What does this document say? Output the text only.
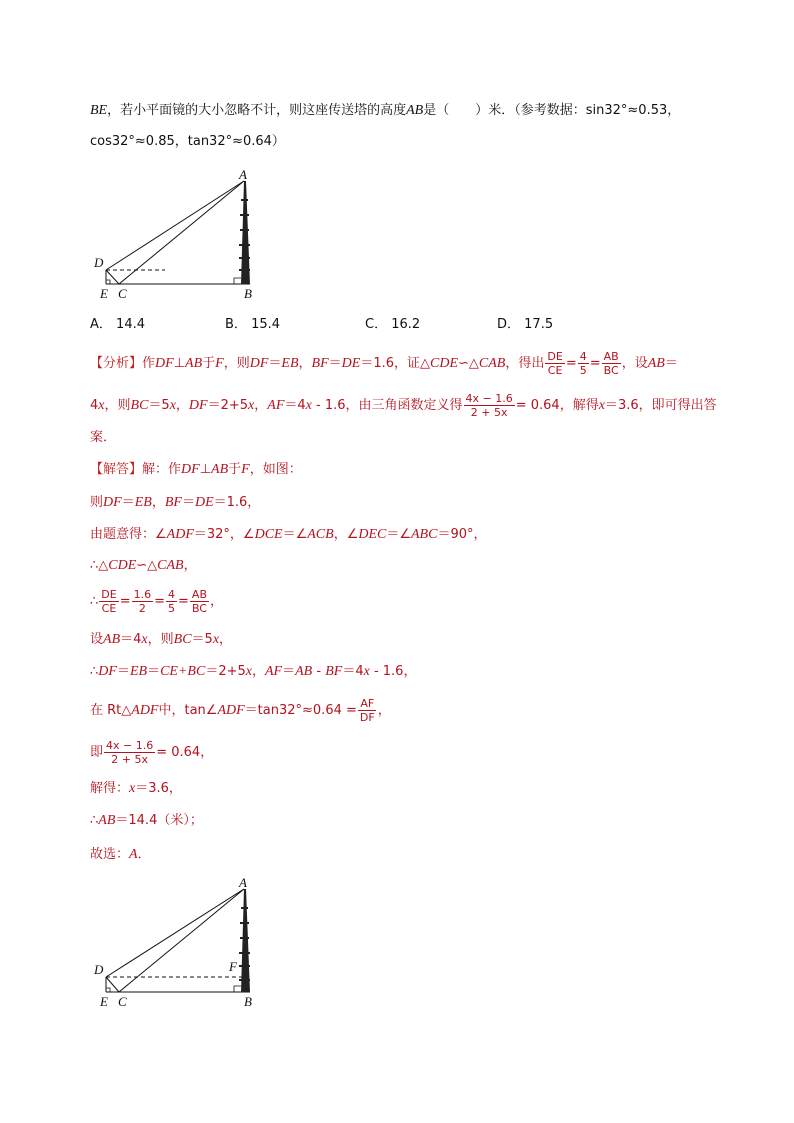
BE，若小平面镜的大小忽略不计，则这座传送塔的高度AB是（　　）米．（参考数据：sin32°≈0.53，
cos32°≈0.85，tan32°≈0.64）
A
D
E C	B
A． 14.4	B． 15.4	C． 16.2	D． 17.5
【分析】作DF⊥AB于F，则DF＝EB，BF＝DE＝1.6，证△CDE∽△CAB，得出 $\frac{DE}{CE} = \frac{4}{5} = \frac{AB}{BC}$ ，设AB＝
4x，则BC＝5x，DF＝2+5x，AF＝4x - 1.6，由三角函数定义得 $\frac{4x - 1.6}{2 + 5x} = 0.64$，解得x＝3.6，即可得出答
案．
【解答】解：作DF⊥AB于F，如图：
则DF＝EB，BF＝DE＝1.6，
由题意得：∠ADF＝32°，∠DCE＝∠ACB，∠DEC＝∠ABC＝90°，
∴△CDE∽△CAB，
∴ $\frac{DE}{CE} = \frac{1.6}{2} = \frac{4}{5} = \frac{AB}{BC}$ ，
设AB＝4x，则BC＝5x，
∴DF＝EB＝CE+BC＝2+5x，AF＝AB - BF＝4x - 1.6，
在 Rt△ADF中，tan∠ADF＝tan32°≈0.64 = $\frac{AF}{DF}$ ，
即 $\frac{4x - 1.6}{2 + 5x} = 0.64$，
解得：x＝3.6，
∴AB＝14.4（米）；
故选：A．
A
D	F
E C	B
